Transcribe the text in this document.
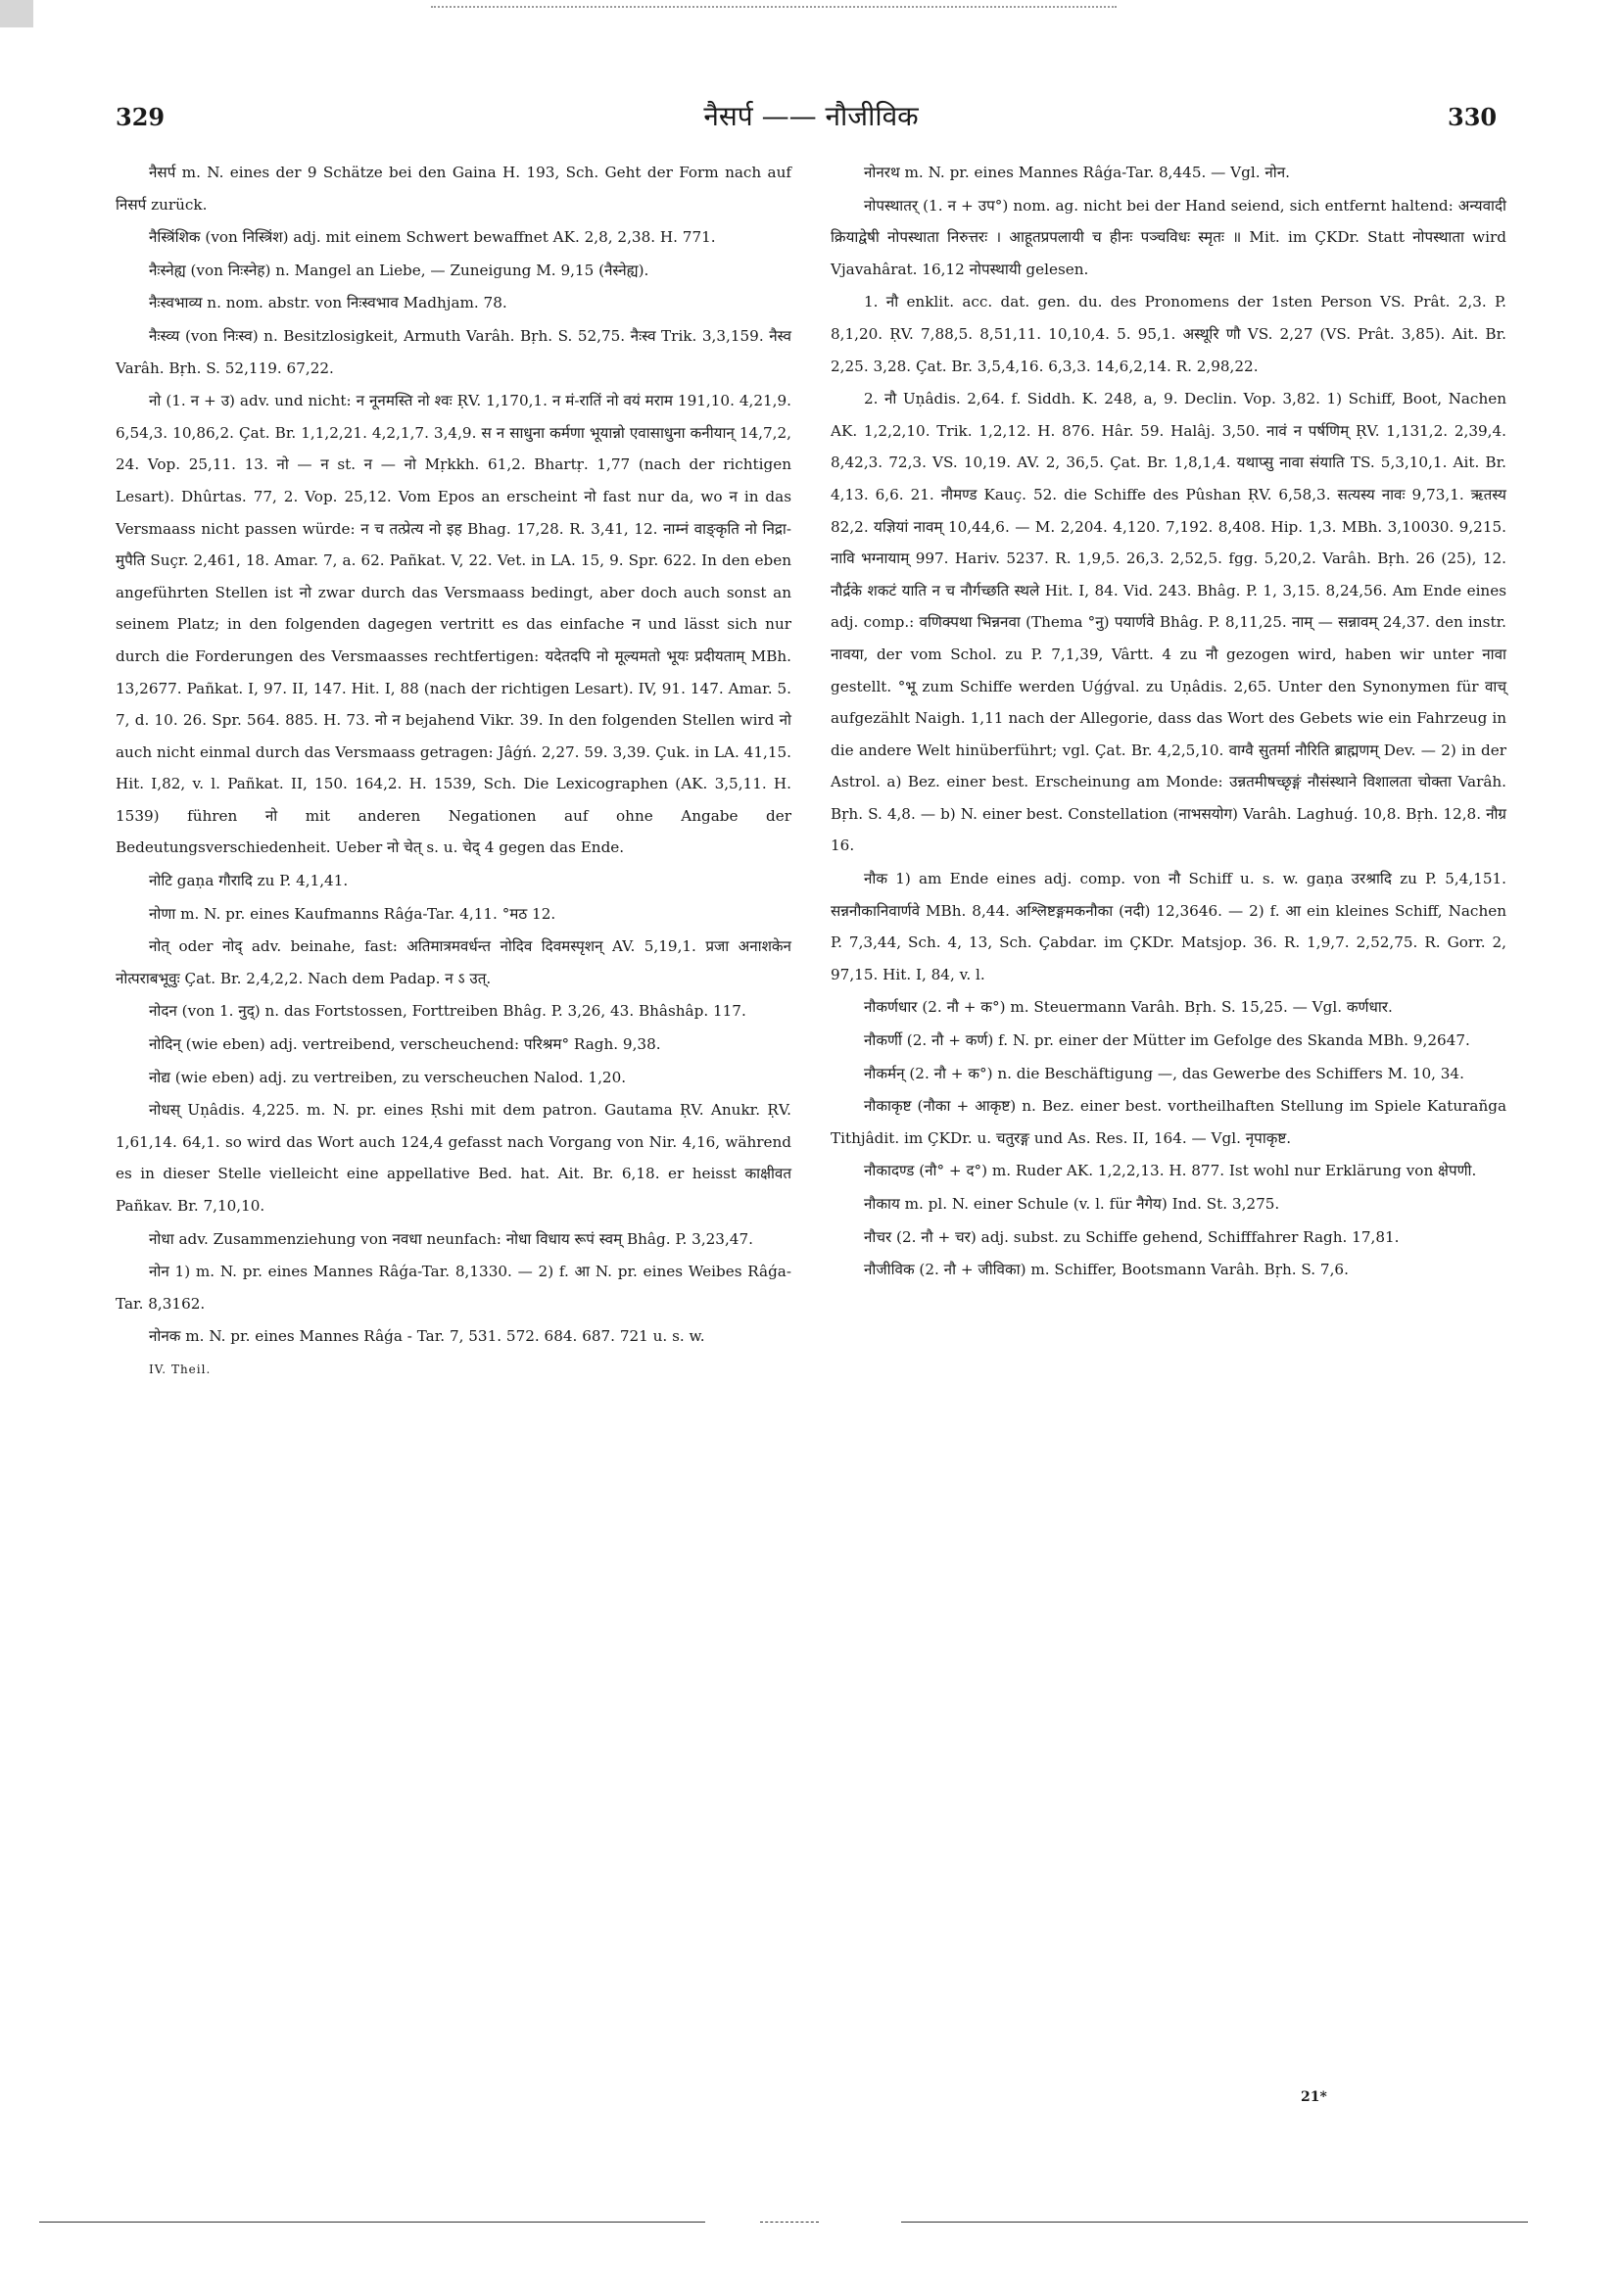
329	नैसर्प —— नौजीविक	330

नैसर्प m. N. eines der 9 Schätze bei den Gaina H. 193, Sch. Geht der Form nach auf निसर्प zurück.

नैस्त्रिंशिक (von निस्त्रिंश) adj. mit einem Schwert bewaffnet AK. 2,8, 2,38. H. 771.

नैःस्नेह्य (von निःस्नेह) n. Mangel an Liebe, — Zuneigung M. 9,15 (नैस्नेह्य).

नैःस्वभाव्य n. nom. abstr. von निःस्वभाव Madhjam. 78.

नैःस्व्य (von निःस्व) n. Besitzlosigkeit, Armuth Varâh. Bṛh. S. 52,75. नैःस्व Trik. 3,3,159. नैस्व Varâh. Bṛh. S. 52,119. 67,22.

नो (1. न + उ) adv. und nicht: न नूनमस्ति नो श्वः ṚV. 1,170,1. न मं-रातिं नो वयं मराम 191,10. 4,21,9. 6,54,3. 10,86,2. Çat. Br. 1,1,2,21. 4,2,1,7. 3,4,9. स न साधुना कर्मणा भूयान्नो एवासाधुना कनीयान् 14,7,2, 24. Vop. 25,11. 13. नो — न st. न — नो Mṛkkh. 61,2. Bhartṛ. 1,77 (nach der richtigen Lesart). Dhûrtas. 77, 2. Vop. 25,12. Vom Epos an erscheint नो fast nur da, wo न in das Versmaass nicht passen würde: न च तत्प्रेत्य नो इह Bhag. 17,28. R. 3,41, 12. नाम्नं वाङ्कृति नो निद्रा-मुपैति Suçr. 2,461, 18. Amar. 7, a. 62. Pañkat. V, 22. Vet. in LA. 15, 9. Spr. 622. In den eben angeführten Stellen ist नो zwar durch das Versmaass bedingt, aber doch auch sonst an seinem Platz; in den folgenden dagegen vertritt es das einfache न und lässt sich nur durch die Forderungen des Versmaasses rechtfertigen: यदेतदपि नो मूल्यमतो भूयः प्रदीयताम् MBh. 13,2677. Pañkat. I, 97. II, 147. Hit. I, 88 (nach der richtigen Lesart). IV, 91. 147. Amar. 5. 7, d. 10. 26. Spr. 564. 885. H. 73. नो न bejahend Vikr. 39. In den folgenden Stellen wird नो auch nicht einmal durch das Versmaass getragen: Jâǵń. 2,27. 59. 3,39. Çuk. in LA. 41,15. Hit. I,82, v. l. Pañkat. II, 150. 164,2. H. 1539, Sch. Die Lexicographen (AK. 3,5,11. H. 1539) führen नो mit anderen Negationen auf ohne Angabe der Bedeutungsverschiedenheit. Ueber नो चेत् s. u. चेद् 4 gegen das Ende.

नोटि gaṇa गौरादि zu P. 4,1,41.

नोणा m. N. pr. eines Kaufmanns Râǵa-Tar. 4,11. °मठ 12.

नोत् oder नोद् adv. beinahe, fast: अतिमात्रमवर्धन्त नोदिव दिवमस्पृशन् AV. 5,19,1. प्रजा अनाशकेन नोत्पराबभूवुः Çat. Br. 2,4,2,2. Nach dem Padap. न ऽ उत्.

नोदन (von 1. नुद्) n. das Fortstossen, Forttreiben Bhâg. P. 3,26, 43. Bhâshâp. 117.

नोदिन् (wie eben) adj. vertreibend, verscheuchend: परिश्रम° Ragh. 9,38.

नोद्य (wie eben) adj. zu vertreiben, zu verscheuchen Nalod. 1,20.

नोधस् Uṇâdis. 4,225. m. N. pr. eines Ṛshi mit dem patron. Gautama ṚV. Anukr. ṚV. 1,61,14. 64,1. so wird das Wort auch 124,4 gefasst nach Vorgang von Nir. 4,16, während es in dieser Stelle vielleicht eine appellative Bed. hat. Ait. Br. 6,18. er heisst काक्षीवत Pañkav. Br. 7,10,10.

नोधा adv. Zusammenziehung von नवधा neunfach: नोधा विधाय रूपं स्वम् Bhâg. P. 3,23,47.

नोन 1) m. N. pr. eines Mannes Râǵa-Tar. 8,1330. — 2) f. आ N. pr. eines Weibes Râǵa-Tar. 8,3162.

नोनक m. N. pr. eines Mannes Râǵa - Tar. 7, 531. 572. 684. 687. 721 u. s. w.

IV. Theil.

नोनरथ m. N. pr. eines Mannes Râǵa-Tar. 8,445. — Vgl. नोन.

नोपस्थातर् (1. न + उप°) nom. ag. nicht bei der Hand seiend, sich entfernt haltend: अन्यवादी क्रियाद्वेषी नोपस्थाता निरुत्तरः । आहूतप्रपलायी च हीनः पञ्चविधः स्मृतः ॥ Mit. im ÇKDr. Statt नोपस्थाता wird Vjavahârat. 16,12 नोपस्थायी gelesen.

1. नौ enklit. acc. dat. gen. du. des Pronomens der 1sten Person VS. Prât. 2,3. P. 8,1,20. ṚV. 7,88,5. 8,51,11. 10,10,4. 5. 95,1. अस्थूरि णौ VS. 2,27 (VS. Prât. 3,85). Ait. Br. 2,25. 3,28. Çat. Br. 3,5,4,16. 6,3,3. 14,6,2,14. R. 2,98,22.

2. नौ Uṇâdis. 2,64. f. Siddh. K. 248, a, 9. Declin. Vop. 3,82. 1) Schiff, Boot, Nachen AK. 1,2,2,10. Trik. 1,2,12. H. 876. Hâr. 59. Halâj. 3,50. नावं न पर्षणिम् ṚV. 1,131,2. 2,39,4. 8,42,3. 72,3. VS. 10,19. AV. 2, 36,5. Çat. Br. 1,8,1,4. यथाप्सु नावा संयाति TS. 5,3,10,1. Ait. Br. 4,13. 6,6. 21. नौमण्ड Kauç. 52. die Schiffe des Pûshan ṚV. 6,58,3. सत्यस्य नावः 9,73,1. ऋतस्य 82,2. यज्ञियां नावम् 10,44,6. — M. 2,204. 4,120. 7,192. 8,408. Hip. 1,3. MBh. 3,10030. 9,215. नावि भग्नायाम् 997. Hariv. 5237. R. 1,9,5. 26,3. 2,52,5. fgg. 5,20,2. Varâh. Bṛh. 26 (25), 12. नौर्द्रके शकटं याति न च नौर्गच्छति स्थले Hit. I, 84. Vid. 243. Bhâg. P. 1, 3,15. 8,24,56. Am Ende eines adj. comp.: वणिक्पथा भिन्ननवा (Thema °नु) पयार्णवे Bhâg. P. 8,11,25. नाम् — सन्नावम् 24,37. den instr. नावया, der vom Schol. zu P. 7,1,39, Vârtt. 4 zu नौ gezogen wird, haben wir unter नावा gestellt. °भू zum Schiffe werden Uǵǵval. zu Uṇâdis. 2,65. Unter den Synonymen für वाच् aufgezählt Naigh. 1,11 nach der Allegorie, dass das Wort des Gebets wie ein Fahrzeug in die andere Welt hinüberführt; vgl. Çat. Br. 4,2,5,10. वाग्वै सुतर्मा नौरिति ब्राह्मणम् Dev. — 2) in der Astrol. a) Bez. einer best. Erscheinung am Monde: उन्नतमीषच्छृङ्गं नौसंस्थाने विशालता चोक्ता Varâh. Bṛh. S. 4,8. — b) N. einer best. Constellation (नाभसयोग) Varâh. Laghuǵ. 10,8. Bṛh. 12,8. नौग्र 16.

नौक 1) am Ende eines adj. comp. von नौ Schiff u. s. w. gaṇa उरश्रादि zu P. 5,4,151. सन्ननौकानिवार्णवे MBh. 8,44. अश्लिष्टङ्गमकनौका (नदी) 12,3646. — 2) f. आ ein kleines Schiff, Nachen P. 7,3,44, Sch. 4, 13, Sch. Çabdar. im ÇKDr. Matsjop. 36. R. 1,9,7. 2,52,75. R. Gorr. 2, 97,15. Hit. I, 84, v. l.

नौकर्णधार (2. नौ + क°) m. Steuermann Varâh. Bṛh. S. 15,25. — Vgl. कर्णधार.

नौकर्णी (2. नौ + कर्ण) f. N. pr. einer der Mütter im Gefolge des Skanda MBh. 9,2647.

नौकर्मन् (2. नौ + क°) n. die Beschäftigung —, das Gewerbe des Schiffers M. 10, 34.

नौकाकृष्ट (नौका + आकृष्ट) n. Bez. einer best. vortheilhaften Stellung im Spiele Katurañga Tithjâdit. im ÇKDr. u. चतुरङ्ग und As. Res. II, 164. — Vgl. नृपाकृष्ट.

नौकादण्ड (नौ° + द°) m. Ruder AK. 1,2,2,13. H. 877. Ist wohl nur Erklärung von क्षेपणी.

नौकाय m. pl. N. einer Schule (v. l. für नैगेय) Ind. St. 3,275.

नौचर (2. नौ + चर) adj. subst. zu Schiffe gehend, Schifffahrer Ragh. 17,81.

नौजीविक (2. नौ + जीविका) m. Schiffer, Bootsmann Varâh. Bṛh. S. 7,6.

21*
